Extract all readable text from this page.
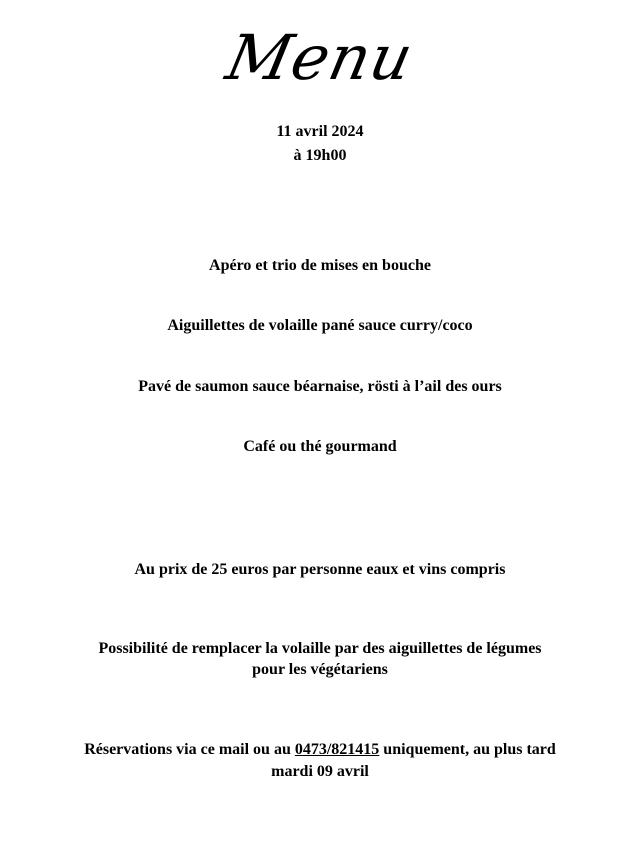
Menu
11 avril 2024
à 19h00
Apéro et trio de mises en bouche
Aiguillettes de volaille pané sauce curry/coco
Pavé de saumon sauce béarnaise, rösti à l’ail des ours
Café ou thé gourmand
Au prix de 25 euros par personne eaux et vins compris
Possibilité de remplacer la volaille par des aiguillettes de légumes
pour les végétariens
Réservations via ce mail ou au 0473/821415 uniquement, au plus tard
mardi 09 avril
